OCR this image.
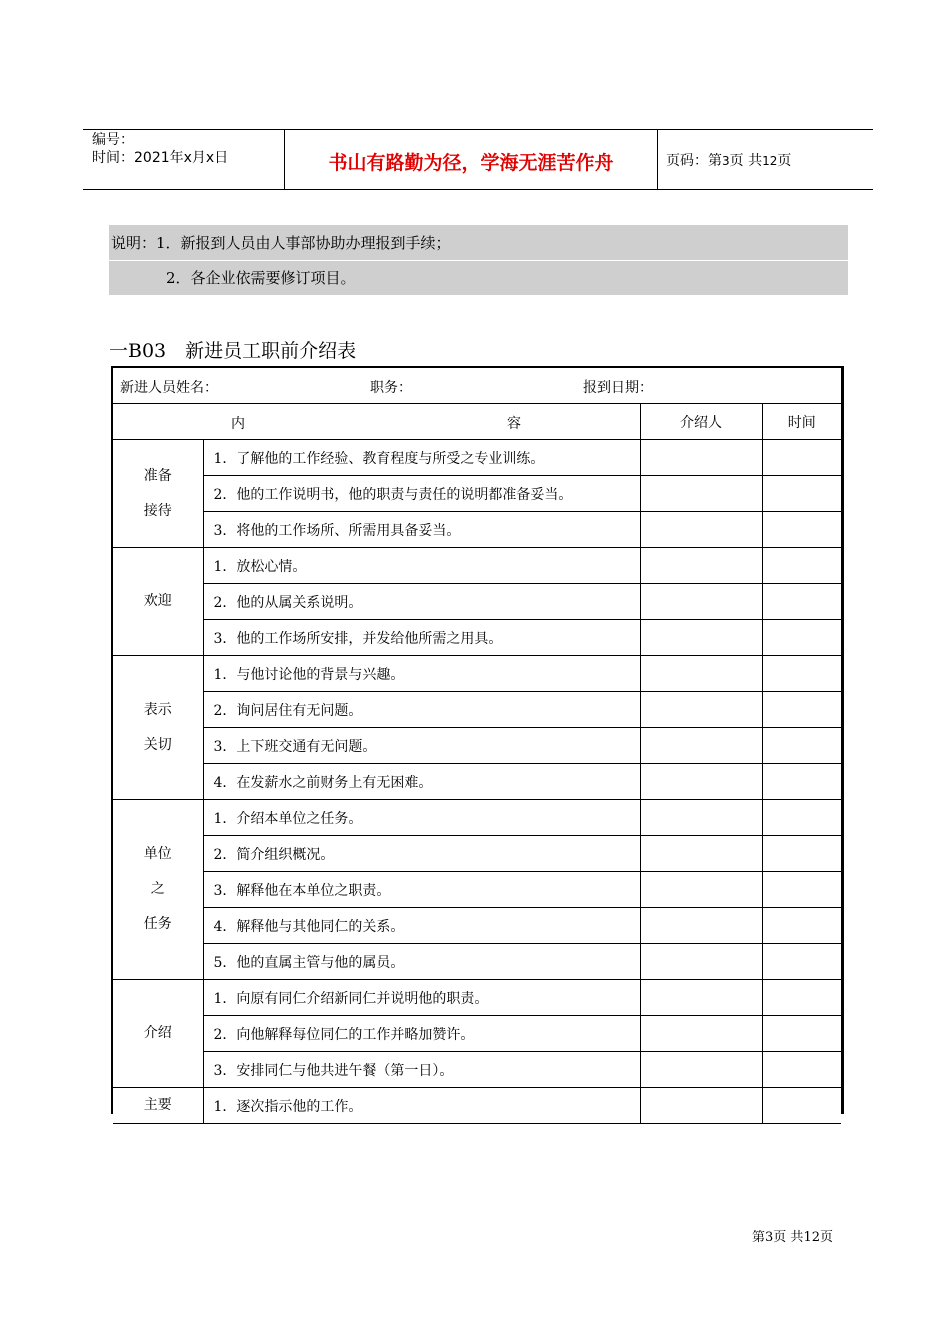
编号：
时间：2021年x月x日	书山有路勤为径，学海无涯苦作舟	页码：第3页 共12页
说明：1．新报到人员由人事部协助办理报到手续；
2．各企业依需要修订项目。
一B03　新进员工职前介绍表
新进人员姓名： 职务： 报到日期：			

内 容		介绍人	时间
准备
接待	1．了解他的工作经验、教育程度与所受之专业训练。		
	2．他的工作说明书，他的职责与责任的说明都准备妥当。		
	3．将他的工作场所、所需用具备妥当。		
欢迎	1．放松心情。		
	2．他的从属关系说明。		
	3．他的工作场所安排，并发给他所需之用具。		
表示
关切	1．与他讨论他的背景与兴趣。		
	2．询问居住有无问题。		
	3．上下班交通有无问题。		
	4．在发薪水之前财务上有无困难。		
单位
之
任务	1．介绍本单位之任务。		
	2．简介组织概况。		
	3．解释他在本单位之职责。		
	4．解释他与其他同仁的关系。		
	5．他的直属主管与他的属员。		
介绍	1．向原有同仁介绍新同仁并说明他的职责。		
	2．向他解释每位同仁的工作并略加赞许。		
	3．安排同仁与他共进午餐（第一日）。		
主要	1．逐次指示他的工作。		
第3页 共12页
